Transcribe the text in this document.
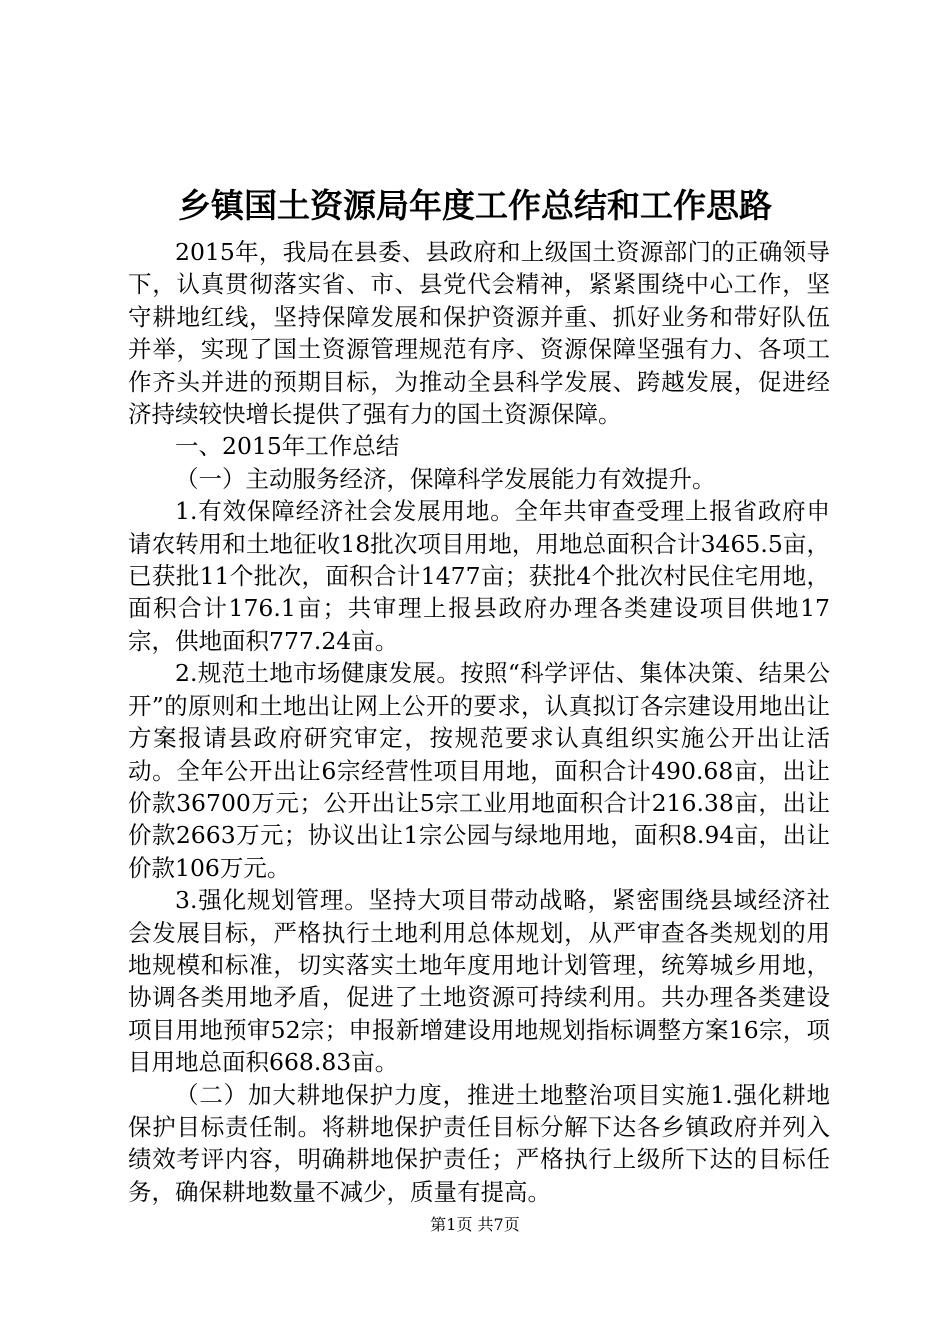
乡镇国土资源局年度工作总结和工作思路

2015年，我局在县委、县政府和上级国土资源部门的正确领导下，认真贯彻落实省、市、县党代会精神，紧紧围绕中心工作，坚守耕地红线，坚持保障发展和保护资源并重、抓好业务和带好队伍并举，实现了国土资源管理规范有序、资源保障坚强有力、各项工作齐头并进的预期目标，为推动全县科学发展、跨越发展，促进经济持续较快增长提供了强有力的国土资源保障。

一、2015年工作总结

（一）主动服务经济，保障科学发展能力有效提升。

1.有效保障经济社会发展用地。全年共审查受理上报省政府申请农转用和土地征收18批次项目用地，用地总面积合计3465.5亩，已获批11个批次，面积合计1477亩；获批4个批次村民住宅用地，面积合计176.1亩；共审理上报县政府办理各类建设项目供地17宗，供地面积777.24亩。

2.规范土地市场健康发展。按照“科学评估、集体决策、结果公开”的原则和土地出让网上公开的要求，认真拟订各宗建设用地出让方案报请县政府研究审定，按规范要求认真组织实施公开出让活动。全年公开出让6宗经营性项目用地，面积合计490.68亩，出让价款36700万元；公开出让5宗工业用地面积合计216.38亩，出让价款2663万元；协议出让1宗公园与绿地用地，面积8.94亩，出让价款106万元。

3.强化规划管理。坚持大项目带动战略，紧密围绕县域经济社会发展目标，严格执行土地利用总体规划，从严审查各类规划的用地规模和标准，切实落实土地年度用地计划管理，统筹城乡用地，协调各类用地矛盾，促进了土地资源可持续利用。共办理各类建设项目用地预审52宗；申报新增建设用地规划指标调整方案16宗，项目用地总面积668.83亩。

（二）加大耕地保护力度，推进土地整治项目实施1.强化耕地保护目标责任制。将耕地保护责任目标分解下达各乡镇政府并列入绩效考评内容，明确耕地保护责任；严格执行上级所下达的目标任务，确保耕地数量不减少，质量有提高。

第1页 共7页
